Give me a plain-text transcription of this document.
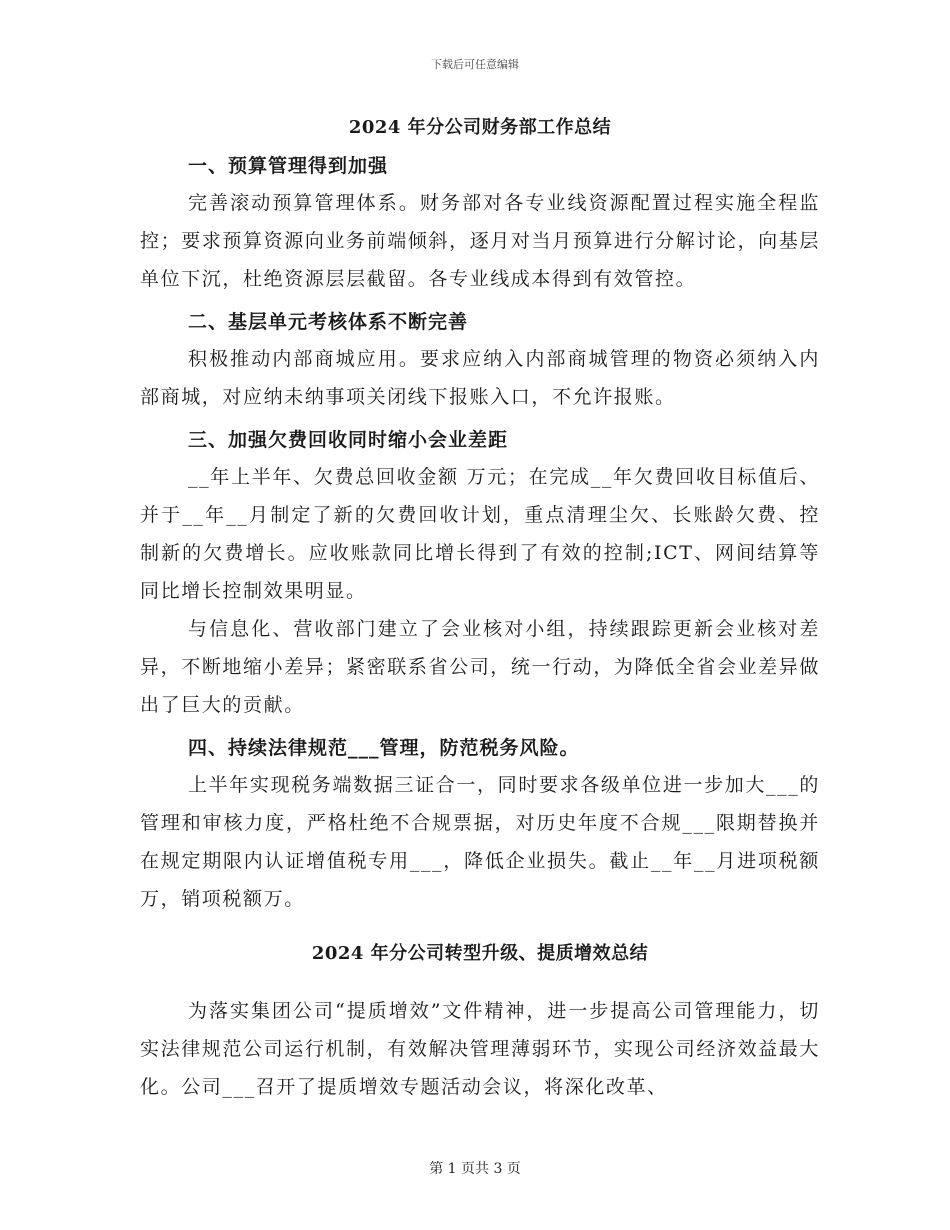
下载后可任意编辑
2024 年分公司财务部工作总结
一、预算管理得到加强

完善滚动预算管理体系。财务部对各专业线资源配置过程实施全程监控；要求预算资源向业务前端倾斜，逐月对当月预算进行分解讨论，向基层单位下沉，杜绝资源层层截留。各专业线成本得到有效管控。

二、基层单元考核体系不断完善

积极推动内部商城应用。要求应纳入内部商城管理的物资必须纳入内部商城，对应纳未纳事项关闭线下报账入口，不允许报账。

三、加强欠费回收同时缩小会业差距

__年上半年、欠费总回收金额 万元；在完成__年欠费回收目标值后、并于__年__月制定了新的欠费回收计划，重点清理尘欠、长账龄欠费、控制新的欠费增长。应收账款同比增长得到了有效的控制;ICT、网间结算等同比增长控制效果明显。

与信息化、营收部门建立了会业核对小组，持续跟踪更新会业核对差异，不断地缩小差异；紧密联系省公司，统一行动，为降低全省会业差异做出了巨大的贡献。

四、持续法律规范___管理，防范税务风险。

上半年实现税务端数据三证合一，同时要求各级单位进一步加大___的管理和审核力度，严格杜绝不合规票据，对历史年度不合规___限期替换并在规定期限内认证增值税专用___，降低企业损失。截止__年__月进项税额万，销项税额万。

2024 年分公司转型升级、提质增效总结

为落实集团公司“提质增效”文件精神，进一步提高公司管理能力，切实法律规范公司运行机制，有效解决管理薄弱环节，实现公司经济效益最大化。公司___召开了提质增效专题活动会议，将深化改革、

第 1 页共 3 页
